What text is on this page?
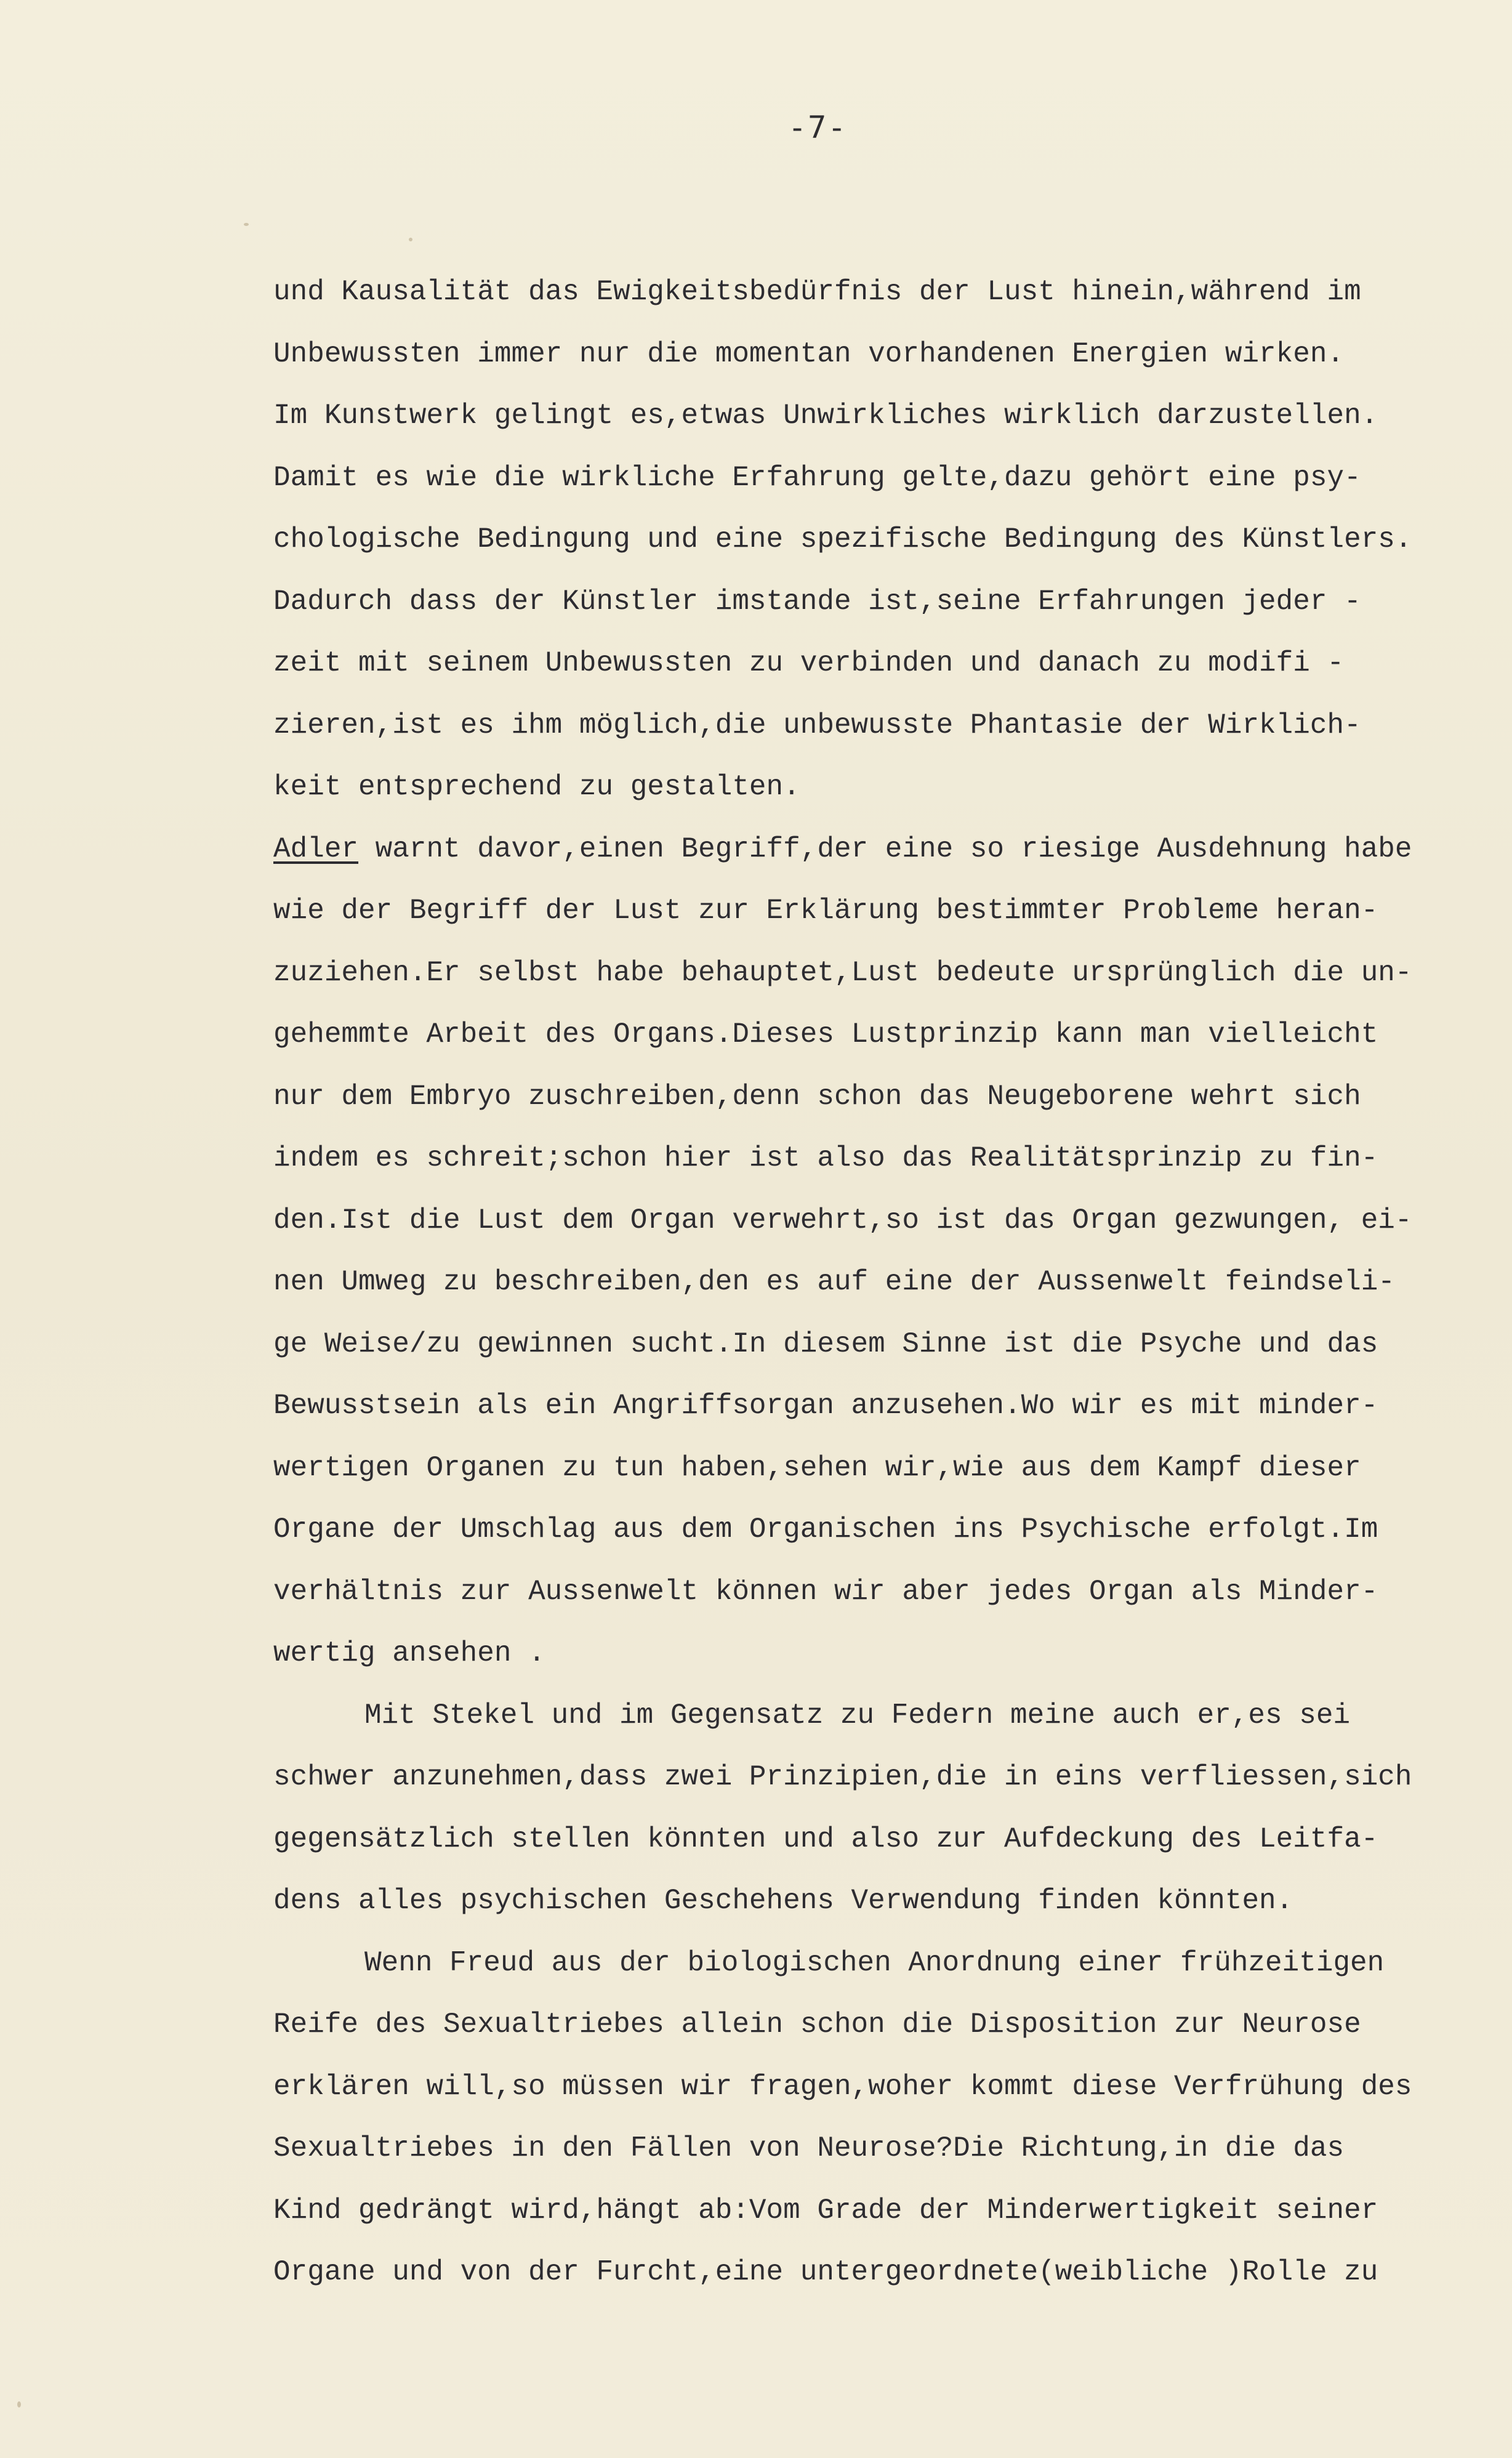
-7-
und Kausalität das Ewigkeitsbedürfnis der Lust hinein,während im
Unbewussten immer nur die momentan vorhandenen Energien wirken.
Im Kunstwerk gelingt es,etwas Unwirkliches wirklich darzustellen.
Damit es wie die wirkliche Erfahrung gelte,dazu gehört eine psy-
chologische Bedingung und eine spezifische Bedingung des Künstlers.
Dadurch dass der Künstler imstande ist,seine Erfahrungen jeder -
zeit mit seinem Unbewussten zu verbinden und danach zu modifi -
zieren,ist es ihm möglich,die unbewusste Phantasie der Wirklich-
keit entsprechend zu gestalten.
Adler warnt davor,einen Begriff,der eine so riesige Ausdehnung habe
wie der Begriff der Lust zur Erklärung bestimmter Probleme heran-
zuziehen.Er selbst habe behauptet,Lust bedeute ursprünglich die un-
gehemmte Arbeit des Organs.Dieses Lustprinzip kann man vielleicht
nur dem Embryo zuschreiben,denn schon das Neugeborene wehrt sich
indem es schreit;schon hier ist also das Realitätsprinzip zu fin-
den.Ist die Lust dem Organ verwehrt,so ist das Organ gezwungen, ei-
nen Umweg zu beschreiben,den es auf eine der Aussenwelt feindseli-
ge Weise/zu gewinnen sucht.In diesem Sinne ist die Psyche und das
Bewusstsein als ein Angriffsorgan anzusehen.Wo wir es mit minder-
wertigen Organen zu tun haben,sehen wir,wie aus dem Kampf dieser
Organe der Umschlag aus dem Organischen ins Psychische erfolgt.Im
verhältnis zur Aussenwelt können wir aber jedes Organ als Minder-
wertig ansehen .
Mit Stekel und im Gegensatz zu Federn meine auch er,es sei
schwer anzunehmen,dass zwei Prinzipien,die in eins verfliessen,sich
gegensätzlich stellen könnten und also zur Aufdeckung des Leitfa-
dens alles psychischen Geschehens Verwendung finden könnten.
Wenn Freud aus der biologischen Anordnung einer frühzeitigen
Reife des Sexualtriebes allein schon die Disposition zur Neurose
erklären will,so müssen wir fragen,woher kommt diese Verfrühung des
Sexualtriebes in den Fällen von Neurose?Die Richtung,in die das
Kind gedrängt wird,hängt ab:Vom Grade der Minderwertigkeit seiner
Organe und von der Furcht,eine untergeordnete(weibliche )Rolle zu
